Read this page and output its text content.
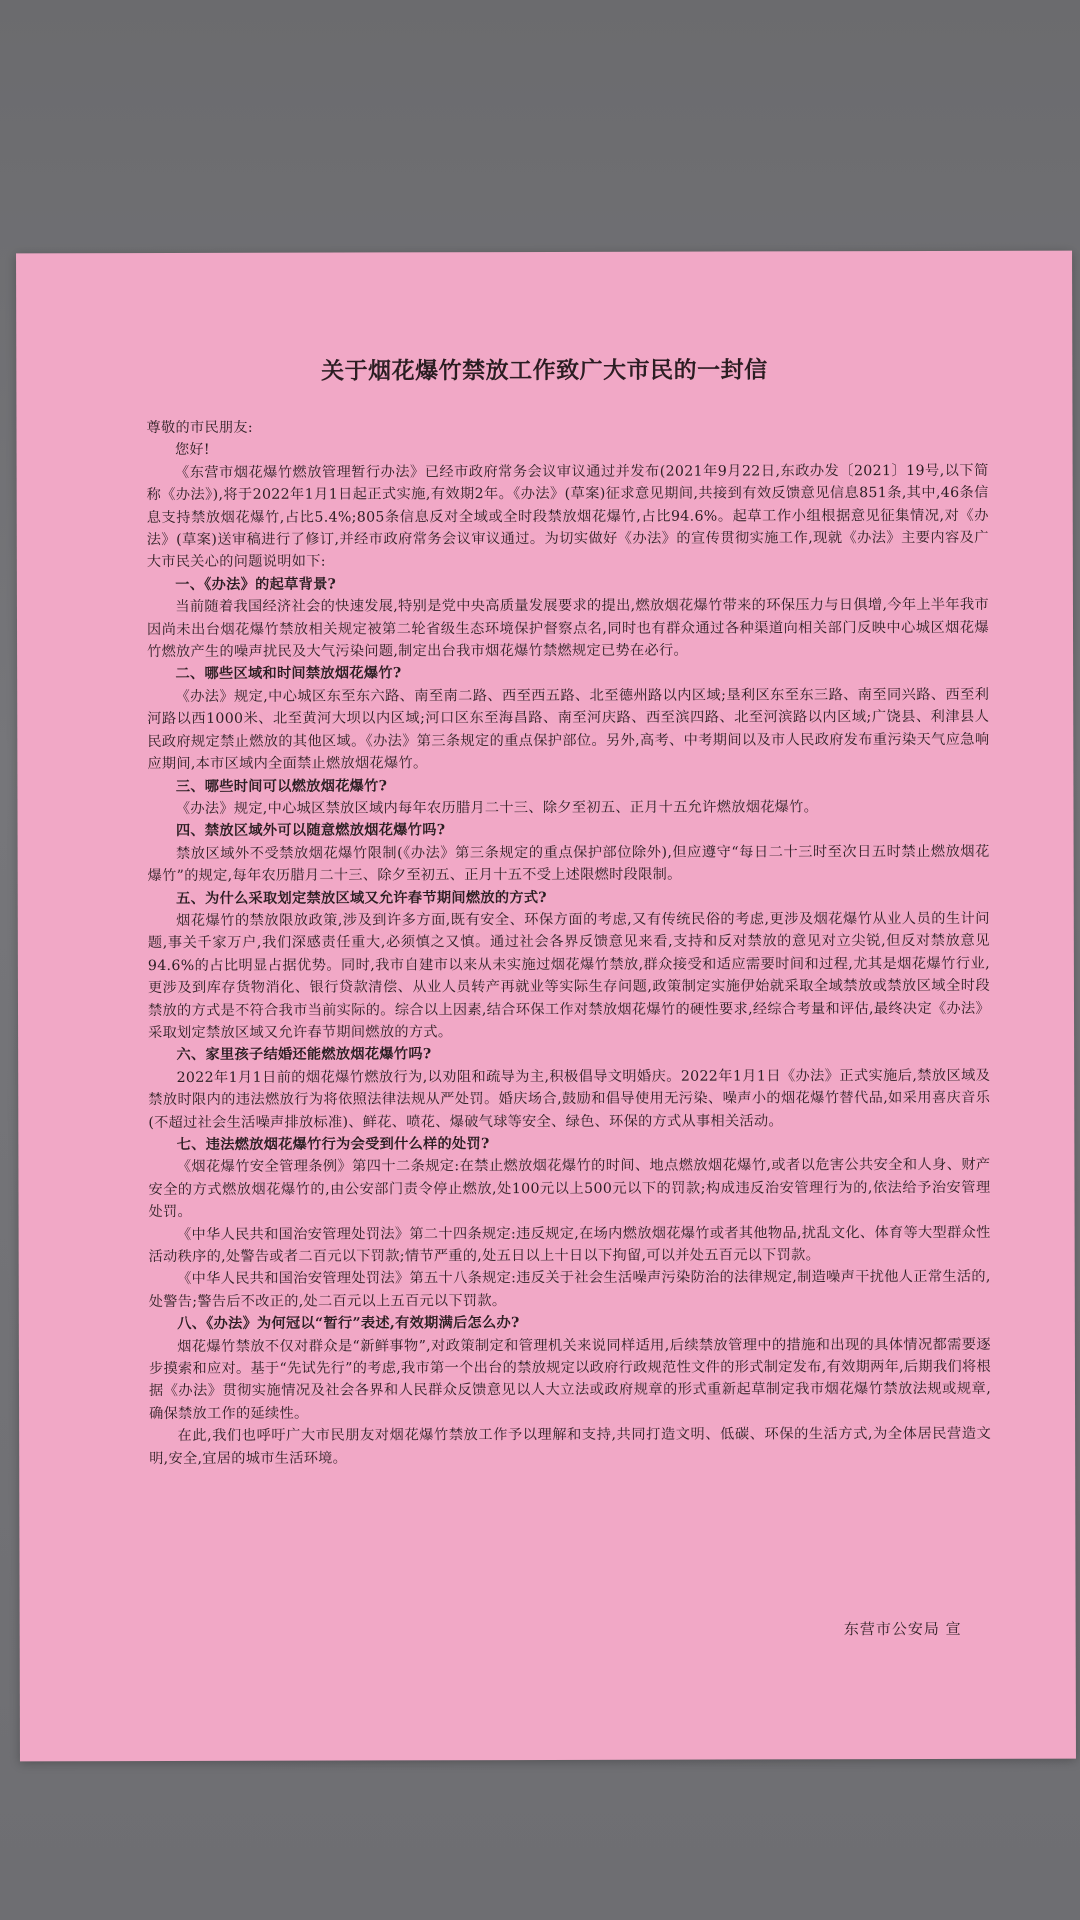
关于烟花爆竹禁放工作致广大市民的一封信

尊敬的市民朋友:

您好!

《东营市烟花爆竹燃放管理暂行办法》已经市政府常务会议审议通过并发布(2021年9月22日,东政办发〔2021〕19号,以下简称《办法》),将于2022年1月1日起正式实施,有效期2年。《办法》(草案)征求意见期间,共接到有效反馈意见信息851条,其中,46条信息支持禁放烟花爆竹,占比5.4%;805条信息反对全域或全时段禁放烟花爆竹,占比94.6%。起草工作小组根据意见征集情况,对《办法》(草案)送审稿进行了修订,并经市政府常务会议审议通过。为切实做好《办法》的宣传贯彻实施工作,现就《办法》主要内容及广大市民关心的问题说明如下:

一、《办法》的起草背景?

当前随着我国经济社会的快速发展,特别是党中央高质量发展要求的提出,燃放烟花爆竹带来的环保压力与日俱增,今年上半年我市因尚未出台烟花爆竹禁放相关规定被第二轮省级生态环境保护督察点名,同时也有群众通过各种渠道向相关部门反映中心城区烟花爆竹燃放产生的噪声扰民及大气污染问题,制定出台我市烟花爆竹禁燃规定已势在必行。

二、哪些区域和时间禁放烟花爆竹?

《办法》规定,中心城区东至东六路、南至南二路、西至西五路、北至德州路以内区域;垦利区东至东三路、南至同兴路、西至利河路以西1000米、北至黄河大坝以内区域;河口区东至海昌路、南至河庆路、西至滨四路、北至河滨路以内区域;广饶县、利津县人民政府规定禁止燃放的其他区域。《办法》第三条规定的重点保护部位。另外,高考、中考期间以及市人民政府发布重污染天气应急响应期间,本市区域内全面禁止燃放烟花爆竹。

三、哪些时间可以燃放烟花爆竹?

《办法》规定,中心城区禁放区域内每年农历腊月二十三、除夕至初五、正月十五允许燃放烟花爆竹。

四、禁放区域外可以随意燃放烟花爆竹吗?

禁放区域外不受禁放烟花爆竹限制(《办法》第三条规定的重点保护部位除外),但应遵守“每日二十三时至次日五时禁止燃放烟花爆竹”的规定,每年农历腊月二十三、除夕至初五、正月十五不受上述限燃时段限制。

五、为什么采取划定禁放区域又允许春节期间燃放的方式?

烟花爆竹的禁放限放政策,涉及到许多方面,既有安全、环保方面的考虑,又有传统民俗的考虑,更涉及烟花爆竹从业人员的生计问题,事关千家万户,我们深感责任重大,必须慎之又慎。通过社会各界反馈意见来看,支持和反对禁放的意见对立尖锐,但反对禁放意见94.6%的占比明显占据优势。同时,我市自建市以来从未实施过烟花爆竹禁放,群众接受和适应需要时间和过程,尤其是烟花爆竹行业,更涉及到库存货物消化、银行贷款清偿、从业人员转产再就业等实际生存问题,政策制定实施伊始就采取全域禁放或禁放区域全时段禁放的方式是不符合我市当前实际的。综合以上因素,结合环保工作对禁放烟花爆竹的硬性要求,经综合考量和评估,最终决定《办法》采取划定禁放区域又允许春节期间燃放的方式。

六、家里孩子结婚还能燃放烟花爆竹吗?

2022年1月1日前的烟花爆竹燃放行为,以劝阻和疏导为主,积极倡导文明婚庆。2022年1月1日《办法》正式实施后,禁放区域及禁放时限内的违法燃放行为将依照法律法规从严处罚。婚庆场合,鼓励和倡导使用无污染、噪声小的烟花爆竹替代品,如采用喜庆音乐(不超过社会生活噪声排放标准)、鲜花、喷花、爆破气球等安全、绿色、环保的方式从事相关活动。

七、违法燃放烟花爆竹行为会受到什么样的处罚?

《烟花爆竹安全管理条例》第四十二条规定:在禁止燃放烟花爆竹的时间、地点燃放烟花爆竹,或者以危害公共安全和人身、财产安全的方式燃放烟花爆竹的,由公安部门责令停止燃放,处100元以上500元以下的罚款;构成违反治安管理行为的,依法给予治安管理处罚。

《中华人民共和国治安管理处罚法》第二十四条规定:违反规定,在场内燃放烟花爆竹或者其他物品,扰乱文化、体育等大型群众性活动秩序的,处警告或者二百元以下罚款;情节严重的,处五日以上十日以下拘留,可以并处五百元以下罚款。

《中华人民共和国治安管理处罚法》第五十八条规定:违反关于社会生活噪声污染防治的法律规定,制造噪声干扰他人正常生活的,处警告;警告后不改正的,处二百元以上五百元以下罚款。

八、《办法》为何冠以“暂行”表述,有效期满后怎么办?

烟花爆竹禁放不仅对群众是“新鲜事物”,对政策制定和管理机关来说同样适用,后续禁放管理中的措施和出现的具体情况都需要逐步摸索和应对。基于“先试先行”的考虑,我市第一个出台的禁放规定以政府行政规范性文件的形式制定发布,有效期两年,后期我们将根据《办法》贯彻实施情况及社会各界和人民群众反馈意见以人大立法或政府规章的形式重新起草制定我市烟花爆竹禁放法规或规章,确保禁放工作的延续性。

在此,我们也呼吁广大市民朋友对烟花爆竹禁放工作予以理解和支持,共同打造文明、低碳、环保的生活方式,为全体居民营造文明,安全,宜居的城市生活环境。

东营市公安局 宣
